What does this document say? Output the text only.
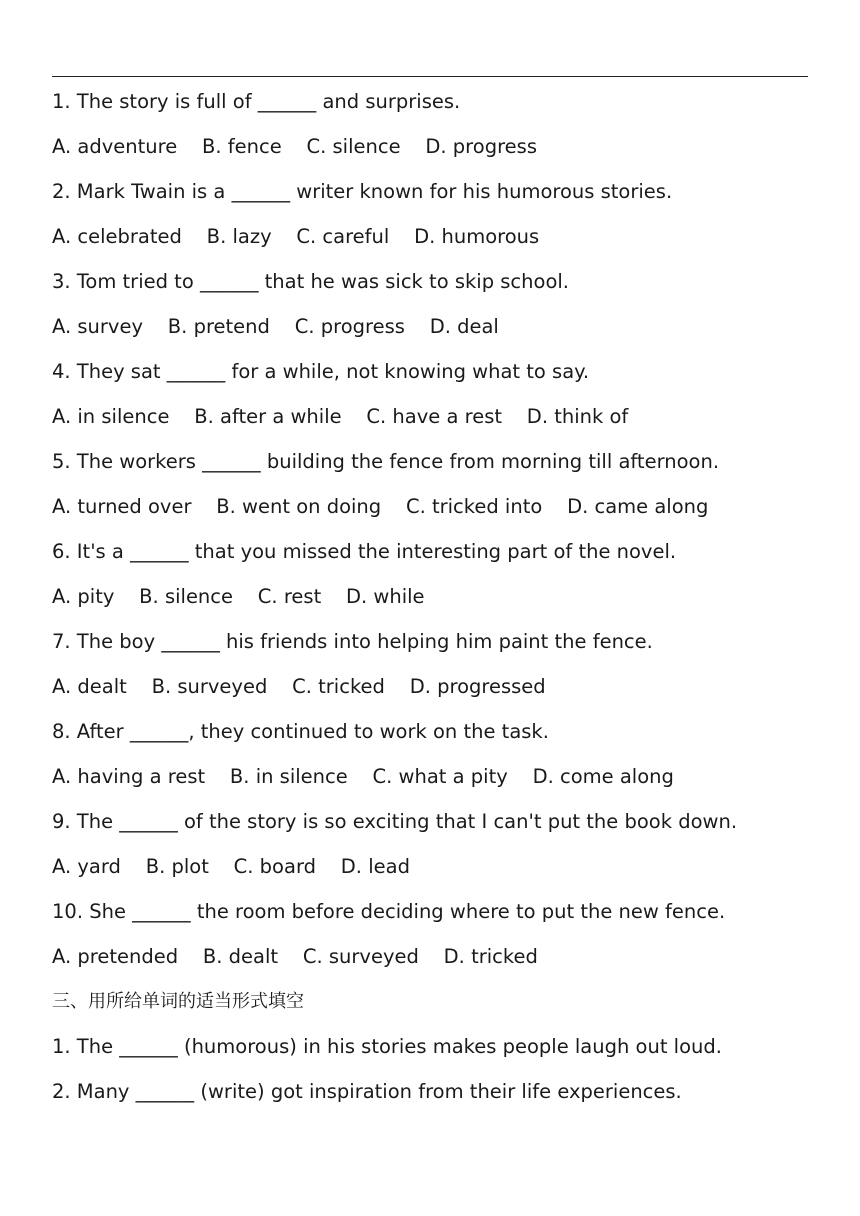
1. The story is full of ______ and surprises.
A. adventure    B. fence    C. silence    D. progress
2. Mark Twain is a ______ writer known for his humorous stories.
A. celebrated    B. lazy    C. careful    D. humorous
3. Tom tried to ______ that he was sick to skip school.
A. survey    B. pretend    C. progress    D. deal
4. They sat ______ for a while, not knowing what to say.
A. in silence    B. after a while    C. have a rest    D. think of
5. The workers ______ building the fence from morning till afternoon.
A. turned over    B. went on doing    C. tricked into    D. came along
6. It's a ______ that you missed the interesting part of the novel.
A. pity    B. silence    C. rest    D. while
7. The boy ______ his friends into helping him paint the fence.
A. dealt    B. surveyed    C. tricked    D. progressed
8. After ______, they continued to work on the task.
A. having a rest    B. in silence    C. what a pity    D. come along
9. The ______ of the story is so exciting that I can't put the book down.
A. yard    B. plot    C. board    D. lead
10. She ______ the room before deciding where to put the new fence.
A. pretended    B. dealt    C. surveyed    D. tricked
三、用所给单词的适当形式填空
1. The ______ (humorous) in his stories makes people laugh out loud.
2. Many ______ (write) got inspiration from their life experiences.
